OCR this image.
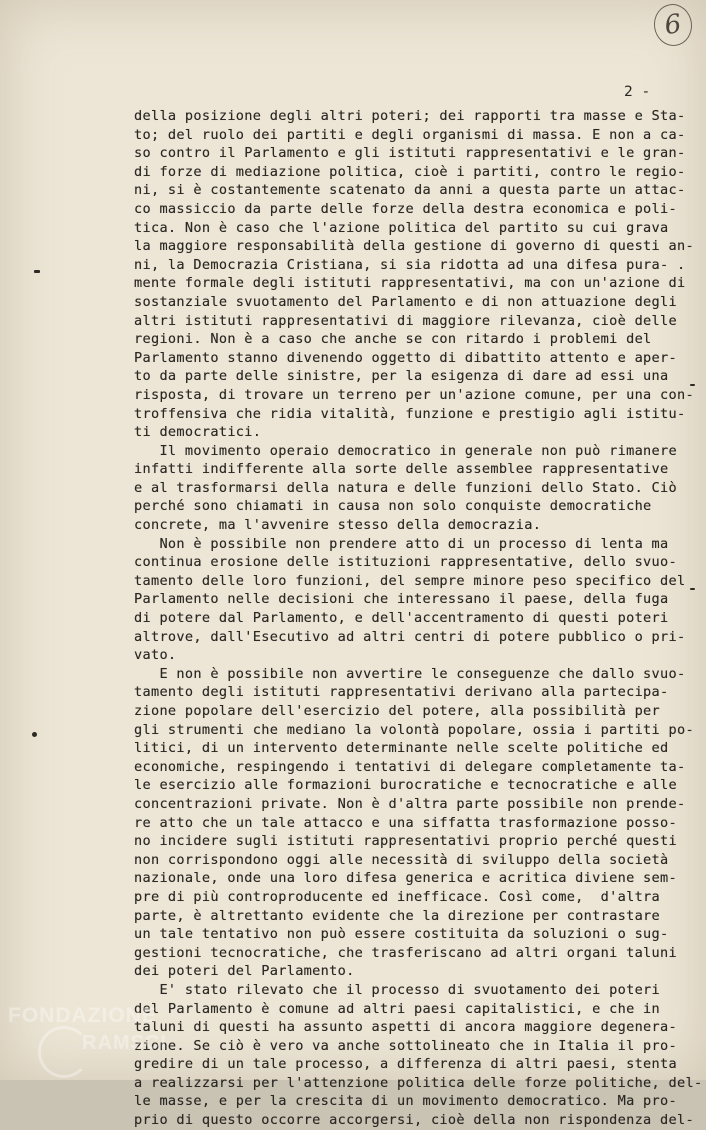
6
2 -
della posizione degli altri poteri; dei rapporti tra masse e Sta-
to; del ruolo dei partiti e degli organismi di massa. E non a ca-
so contro il Parlamento e gli istituti rappresentativi e le gran-
di forze di mediazione politica, cioè i partiti, contro le regio-
ni, si è costantemente scatenato da anni a questa parte un attac-
co massiccio da parte delle forze della destra economica e poli-
tica. Non è caso che l'azione politica del partito su cui grava
la maggiore responsabilità della gestione di governo di questi an-
ni, la Democrazia Cristiana, si sia ridotta ad una difesa pura- .
mente formale degli istituti rappresentativi, ma con un'azione di
sostanziale svuotamento del Parlamento e di non attuazione degli
altri istituti rappresentativi di maggiore rilevanza, cioè delle
regioni. Non è a caso che anche se con ritardo i problemi del
Parlamento stanno divenendo oggetto di dibattito attento e aper-
to da parte delle sinistre, per la esigenza di dare ad essi una
risposta, di trovare un terreno per un'azione comune, per una con-
troffensiva che ridia vitalità, funzione e prestigio agli istitu-
ti democratici.
Il movimento operaio democratico in generale non può rimanere
infatti indifferente alla sorte delle assemblee rappresentative
e al trasformarsi della natura e delle funzioni dello Stato. Ciò
perché sono chiamati in causa non solo conquiste democratiche
concrete, ma l'avvenire stesso della democrazia.
Non è possibile non prendere atto di un processo di lenta ma
continua erosione delle istituzioni rappresentative, dello svuo-
tamento delle loro funzioni, del sempre minore peso specifico del
Parlamento nelle decisioni che interessano il paese, della fuga
di potere dal Parlamento, e dell'accentramento di questi poteri
altrove, dall'Esecutivo ad altri centri di potere pubblico o pri-
vato.
E non è possibile non avvertire le conseguenze che dallo svuo-
tamento degli istituti rappresentativi derivano alla partecipa-
zione popolare dell'esercizio del potere, alla possibilità per
gli strumenti che mediano la volontà popolare, ossia i partiti po-
litici, di un intervento determinante nelle scelte politiche ed
economiche, respingendo i tentativi di delegare completamente ta-
le esercizio alle formazioni burocratiche e tecnocratiche e alle
concentrazioni private. Non è d'altra parte possibile non prende-
re atto che un tale attacco e una siffatta trasformazione posso-
no incidere sugli istituti rappresentativi proprio perché questi
non corrispondono oggi alle necessità di sviluppo della società
nazionale, onde una loro difesa generica e acritica diviene sem-
pre di più controproducente ed inefficace. Così come,  d'altra
parte, è altrettanto evidente che la direzione per contrastare
un tale tentativo non può essere costituita da soluzioni o sug-
gestioni tecnocratiche, che trasferiscano ad altri organi taluni
dei poteri del Parlamento.
E' stato rilevato che il processo di svuotamento dei poteri
del Parlamento è comune ad altri paesi capitalistici, e che in
taluni di questi ha assunto aspetti di ancora maggiore degenera-
zione. Se ciò è vero va anche sottolineato che in Italia il pro-
gredire di un tale processo, a differenza di altri paesi, stenta
a realizzarsi per l'attenzione politica delle forze politiche, del-
le masse, e per la crescita di un movimento democratico. Ma pro-
prio di questo occorre accorgersi, cioè della non rispondenza del-
FONDAZIONE
RAMSCI
